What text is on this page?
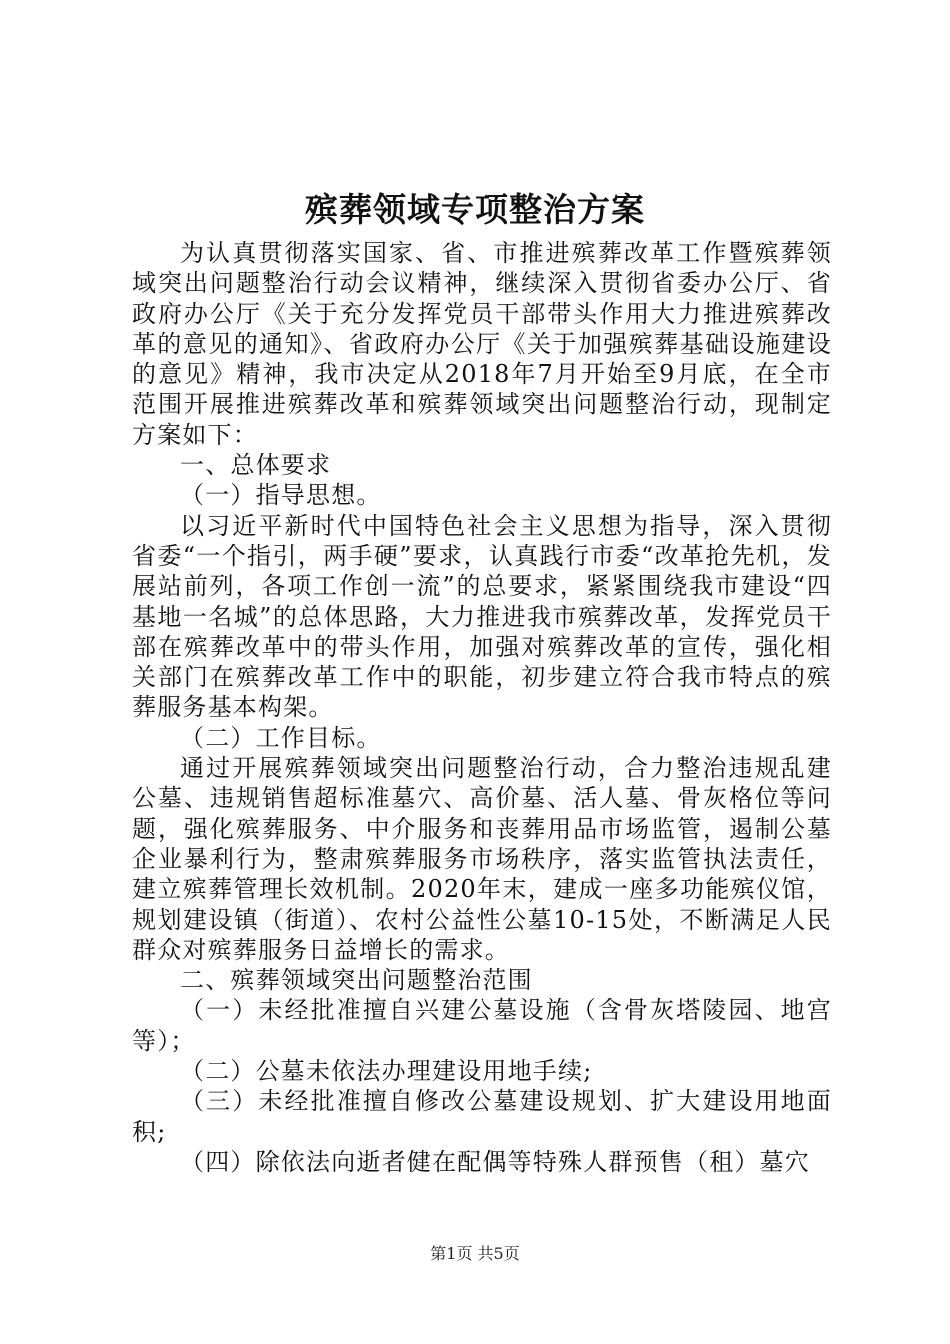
殡葬领域专项整治方案

为认真贯彻落实国家、省、市推进殡葬改革工作暨殡葬领域突出问题整治行动会议精神，继续深入贯彻省委办公厅、省政府办公厅《关于充分发挥党员干部带头作用大力推进殡葬改革的意见的通知》、省政府办公厅《关于加强殡葬基础设施建设的意见》精神，我市决定从2018年7月开始至9月底，在全市范围开展推进殡葬改革和殡葬领域突出问题整治行动，现制定方案如下：

一、总体要求

（一）指导思想。

以习近平新时代中国特色社会主义思想为指导，深入贯彻省委“一个指引，两手硬”要求，认真践行市委“改革抢先机，发展站前列，各项工作创一流”的总要求，紧紧围绕我市建设“四基地一名城”的总体思路，大力推进我市殡葬改革，发挥党员干部在殡葬改革中的带头作用，加强对殡葬改革的宣传，强化相关部门在殡葬改革工作中的职能，初步建立符合我市特点的殡葬服务基本构架。

（二）工作目标。

通过开展殡葬领域突出问题整治行动，合力整治违规乱建公墓、违规销售超标准墓穴、高价墓、活人墓、骨灰格位等问题，强化殡葬服务、中介服务和丧葬用品市场监管，遏制公墓企业暴利行为，整肃殡葬服务市场秩序，落实监管执法责任，建立殡葬管理长效机制。2020年末，建成一座多功能殡仪馆，规划建设镇（街道）、农村公益性公墓10-15处，不断满足人民群众对殡葬服务日益增长的需求。

二、殡葬领域突出问题整治范围

（一）未经批准擅自兴建公墓设施（含骨灰塔陵园、地宫等）；

（二）公墓未依法办理建设用地手续;

（三）未经批准擅自修改公墓建设规划、扩大建设用地面积;

（四）除依法向逝者健在配偶等特殊人群预售（租）墓穴

第1页 共5页
